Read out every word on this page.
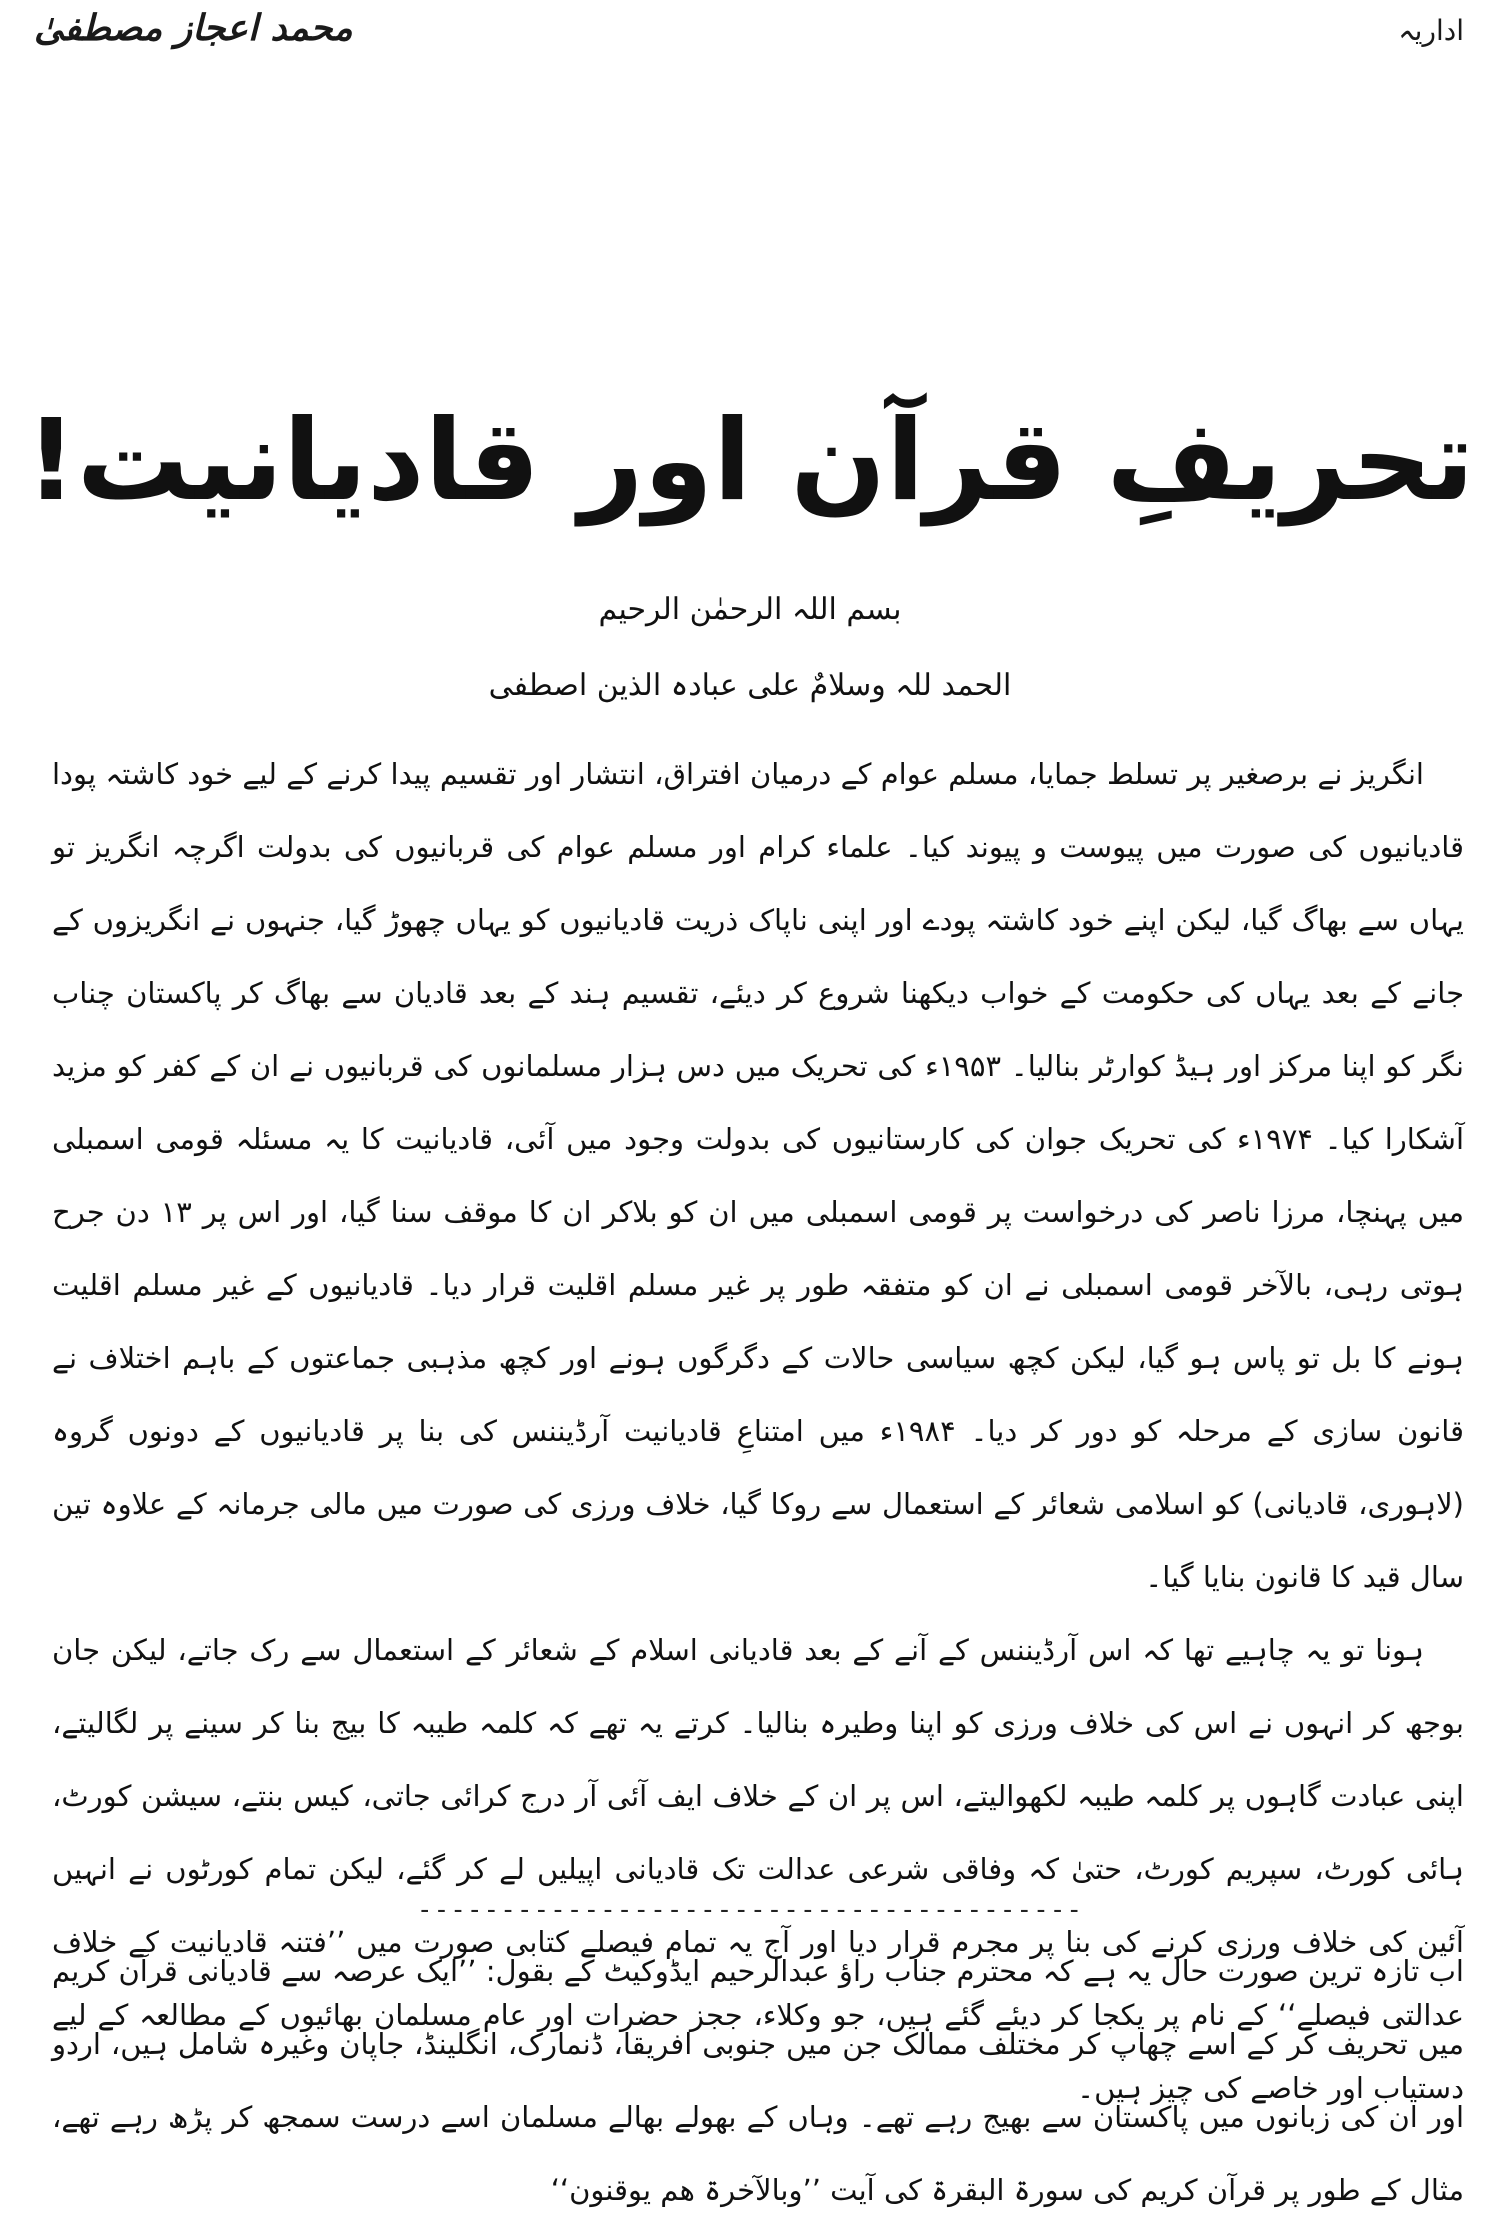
اداریہ
محمد اعجاز مصطفیٰ
تحریفِ قرآن اور قادیانیت!
بسم اللہ الرحمٰن الرحیم
الحمد للہ وسلامٌ علی عبادہ الذین اصطفی

انگریز نے برصغیر پر تسلط جمایا، مسلم عوام کے درمیان افتراق، انتشار اور تقسیم پیدا کرنے کے لیے خود کاشتہ پودا قادیانیوں کی صورت میں پیوست و پیوند کیا۔ علماء کرام اور مسلم عوام کی قربانیوں کی بدولت اگرچہ انگریز تو یہاں سے بھاگ گیا، لیکن اپنے خود کاشتہ پودے اور اپنی ناپاک ذریت قادیانیوں کو یہاں چھوڑ گیا، جنہوں نے انگریزوں کے جانے کے بعد یہاں کی حکومت کے خواب دیکھنا شروع کر دیئے، تقسیم ہند کے بعد قادیان سے بھاگ کر پاکستان چناب نگر کو اپنا مرکز اور ہیڈ کوارٹر بنالیا۔ ۱۹۵۳ء کی تحریک میں دس ہزار مسلمانوں کی قربانیوں نے ان کے کفر کو مزید آشکارا کیا۔ ۱۹۷۴ء کی تحریک جوان کی کارستانیوں کی بدولت وجود میں آئی، قادیانیت کا یہ مسئلہ قومی اسمبلی میں پہنچا، مرزا ناصر کی درخواست پر قومی اسمبلی میں ان کو بلاکر ان کا موقف سنا گیا، اور اس پر ۱۳ دن جرح ہوتی رہی، بالآخر قومی اسمبلی نے ان کو متفقہ طور پر غیر مسلم اقلیت قرار دیا۔ قادیانیوں کے غیر مسلم اقلیت ہونے کا بل تو پاس ہو گیا، لیکن کچھ سیاسی حالات کے دگرگوں ہونے اور کچھ مذہبی جماعتوں کے باہم اختلاف نے قانون سازی کے مرحلہ کو دور کر دیا۔ ۱۹۸۴ء میں امتناعِ قادیانیت آرڈیننس کی بنا پر قادیانیوں کے دونوں گروہ (لاہوری، قادیانی) کو اسلامی شعائر کے استعمال سے روکا گیا، خلاف ورزی کی صورت میں مالی جرمانہ کے علاوہ تین سال قید کا قانون بنایا گیا۔

ہونا تو یہ چاہیے تھا کہ اس آرڈیننس کے آنے کے بعد قادیانی اسلام کے شعائر کے استعمال سے رک جاتے، لیکن جان بوجھ کر انہوں نے اس کی خلاف ورزی کو اپنا وطیرہ بنالیا۔ کرتے یہ تھے کہ کلمہ طیبہ کا بیج بنا کر سینے پر لگالیتے، اپنی عبادت گاہوں پر کلمہ طیبہ لکھوالیتے، اس پر ان کے خلاف ایف آئی آر درج کرائی جاتی، کیس بنتے، سیشن کورٹ، ہائی کورٹ، سپریم کورٹ، حتیٰ کہ وفاقی شرعی عدالت تک قادیانی اپیلیں لے کر گئے، لیکن تمام کورٹوں نے انہیں آئین کی خلاف ورزی کرنے کی بنا پر مجرم قرار دیا اور آج یہ تمام فیصلے کتابی صورت میں ’’فتنہ قادیانیت کے خلاف عدالتی فیصلے‘‘ کے نام پر یکجا کر دیئے گئے ہیں، جو وکلاء، ججز حضرات اور عام مسلمان بھائیوں کے مطالعہ کے لیے دستیاب اور خاصے کی چیز ہیں۔

----------------------------------------

اب تازہ ترین صورت حال یہ ہے کہ محترم جناب راؤ عبدالرحیم ایڈوکیٹ کے بقول: ’’ایک عرصہ سے قادیانی قرآن کریم میں تحریف کر کے اسے چھاپ کر مختلف ممالک جن میں جنوبی افریقا، ڈنمارک، انگلینڈ، جاپان وغیرہ شامل ہیں، اردو اور ان کی زبانوں میں پاکستان سے بھیج رہے تھے۔ وہاں کے بھولے بھالے مسلمان اسے درست سمجھ کر پڑھ رہے تھے، مثال کے طور پر قرآن کریم کی سورۃ البقرۃ کی آیت ’’وبالآخرۃ ھم یوقنون‘‘
